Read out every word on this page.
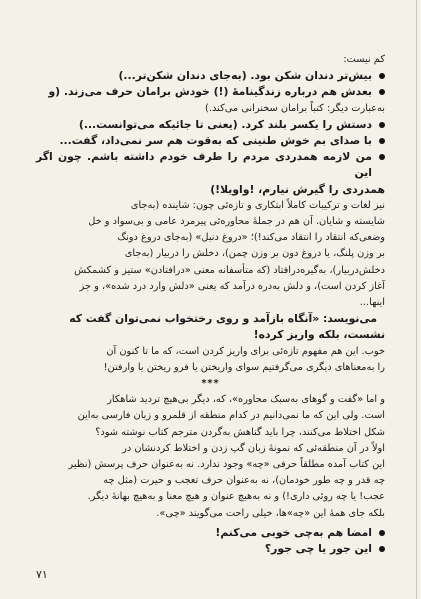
کم نیست:

بیش‌تر دندان شکن بود. (به‌جای دندان شکن‌تر...)
بعدش هم درباره زندگینامهٔ (!) خودش برامان حرف می‌زند. (و

به‌عبارت دیگر: کتباً برامان سخنرانی می‌کند.)

دستش را یکسر بلند کرد. (یعنی تا جائیکه می‌توانست...)
با صدای بم خوش طنینی که به‌قوت هم سر نمی‌داد، گفت...
من لازمه همدردی مردم را طرف خودم داشته باشم. چون اگر این

همدردی را گیرش نیارم، !واویلا!)

نیز لغات و ترکیبات کاملاً ابتکاری و تازه‌ئی چون: شاینده (به‌جای

شایسته و شایان. آن هم در جملهٔ محاوره‌ئی پیرمرد عامی و بی‌سواد و خل

وضعی‌که انتقاد را انتقاد می‌کند!)؛ «دروغ دنبل» (به‌جای دروغ دونگ

بر وزن پلنگ، یا دروغ دون بر وزن چمن)، دخلش را دربیار (به‌جای

دخلش‌دربیار)، به‌گیره‌درافتاد (که متأسفانه معنی «درافتادن» ستیز و کشمکش

آغاز کردن است)، و دلش به‌دره درآمد که یعنی «دلش وارد درد شده»، و جز

اینها...

می‌نویسد: «آنگاه بازآمد و روی رختخواب نمی‌توان گفت که

نشست، بلکه واریز کرده!

خوب. این هم مفهوم تازه‌ئی برای واریز کردن است، که ما تا کنون آن

را به‌معناهای دیگری می‌گرفتیم سوای واریختن یا فرو ریختن یا وارفتن!

***

و اما «گفت و گوهای به‌سبک محاوره»، که، دیگر بی‌هیچ تردید شاهکار

است. ولی این که ما نمی‌دانیم در کدام منطقه از قلمرو و زبان فارسی به‌این

شکل اختلاط می‌کنند، چرا باید گناهش به‌گردن مترجم کتاب نوشته شود؟

اولاً در آن منطقه‌ئی که نمونهٔ زبان گپ زدن و اختلاط کردنشان در

این کتاب آمده مطلقاً حرفی «چه» وجود ندارد. نه به‌عنوان حرف پرسش (نظیر

چه قدر و چه طور خودمان)، نه به‌عنوان حرف تعجب و حیرت (مثل چه

عجب! یا چه روئی داری!) و نه به‌هیچ عنوان و هیچ معنا و به‌هیچ بهانهٔ دیگر.

بلکه جای همهٔ این «چه»ها، خیلی راحت می‌گویند «چی».

امضا هم به‌چی خوبی می‌کنم!
این جور یا چی جور؟
۷۱
